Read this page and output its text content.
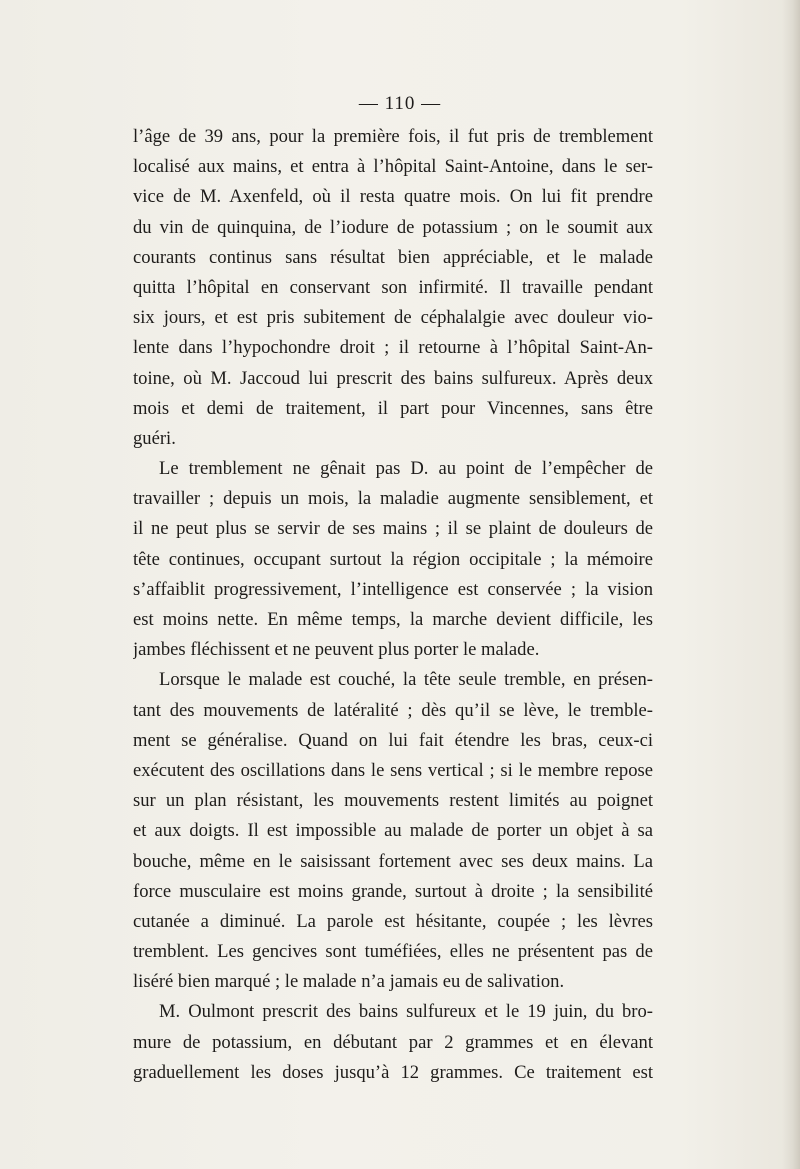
— 110 —
l’âge de 39 ans, pour la première fois, il fut pris de tremblement
localisé aux mains, et entra à l’hôpital Saint-Antoine, dans le ser-
vice de M. Axenfeld, où il resta quatre mois. On lui fit prendre
du vin de quinquina, de l’iodure de potassium ; on le soumit aux
courants continus sans résultat bien appréciable, et le malade
quitta l’hôpital en conservant son infirmité. Il travaille pendant
six jours, et est pris subitement de céphalalgie avec douleur vio-
lente dans l’hypochondre droit ; il retourne à l’hôpital Saint-An-
toine, où M. Jaccoud lui prescrit des bains sulfureux. Après deux
mois et demi de traitement, il part pour Vincennes, sans être
guéri.
Le tremblement ne gênait pas D. au point de l’empêcher de
travailler ; depuis un mois, la maladie augmente sensiblement, et
il ne peut plus se servir de ses mains ; il se plaint de douleurs de
tête continues, occupant surtout la région occipitale ; la mémoire
s’affaiblit progressivement, l’intelligence est conservée ; la vision
est moins nette. En même temps, la marche devient difficile, les
jambes fléchissent et ne peuvent plus porter le malade.
Lorsque le malade est couché, la tête seule tremble, en présen-
tant des mouvements de latéralité ; dès qu’il se lève, le tremble-
ment se généralise. Quand on lui fait étendre les bras, ceux-ci
exécutent des oscillations dans le sens vertical ; si le membre repose
sur un plan résistant, les mouvements restent limités au poignet
et aux doigts. Il est impossible au malade de porter un objet à sa
bouche, même en le saisissant fortement avec ses deux mains. La
force musculaire est moins grande, surtout à droite ; la sensibilité
cutanée a diminué. La parole est hésitante, coupée ; les lèvres
tremblent. Les gencives sont tuméfiées, elles ne présentent pas de
liséré bien marqué ; le malade n’a jamais eu de salivation.
M. Oulmont prescrit des bains sulfureux et le 19 juin, du bro-
mure de potassium, en débutant par 2 grammes et en élevant
graduellement les doses jusqu’à 12 grammes. Ce traitement est
